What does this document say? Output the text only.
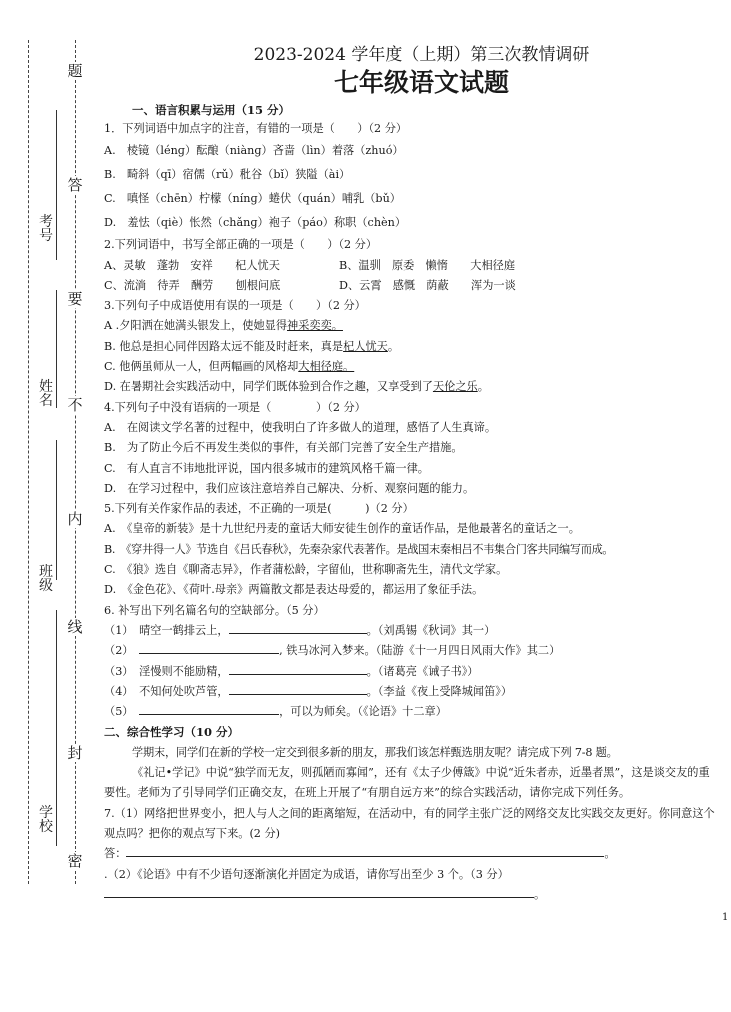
题
答
要
不
内
线
封
密
考号
姓名
班级
学校
2023-2024 学年度（上期）第三次教情调研
七年级语文试题
一、语言积累与运用（15 分）
1．下列词语中加点字的注音，有错的一项是（　　）（2 分）
A.　棱镜（lénɡ）酝酿（niànɡ）吝啬（lìn）着落（zhuó）
B.　畸斜（qī）宿儒（rǔ）秕谷（bǐ）狭隘（ài）
C.　嗔怪（chēn）柠檬（nínɡ）蜷伏（quán）哺乳（bǔ）
D.　羞怯（qiè）怅然（chǎnɡ）袍子（páo）称职（chèn）
2.下列词语中，书写全部正确的一项是（　　）（2 分）
A、灵敏　蓬勃　安祥　　杞人忧天	B、温驯　原委　懒惰　　大相径庭
C、流淌　待弄　酬劳　　刨根问底	D、云霄　感慨　荫蔽　　浑为一谈
3.下列句子中成语使用有误的一项是（　　）（2 分）
A .夕阳洒在她满头银发上，使她显得神采奕奕。
B. 他总是担心同伴因路太远不能及时赶来，真是杞人忧天。
C. 他俩虽师从一人，但两幅画的风格却大相径庭。
D. 在暑期社会实践活动中，同学们既体验到合作之趣，又享受到了天伦之乐。
4.下列句子中没有语病的一项是（　　　　）（2 分）
A.　在阅读文学名著的过程中，使我明白了许多做人的道理，感悟了人生真谛。
B.　为了防止今后不再发生类似的事件，有关部门完善了安全生产措施。
C.　有人直言不讳地批评说，国内很多城市的建筑风格千篇一律。
D.　在学习过程中，我们应该注意培养自己解决、分析、观察问题的能力。
5.下列有关作家作品的表述，不正确的一项是(　　　)（2 分）
A.　《皇帝的新装》是十九世纪丹麦的童话大师安徒生创作的童话作品，是他最著名的童话之一。
B.　《穿井得一人》节选自《吕氏春秋》，先秦杂家代表著作。是战国末秦相吕不韦集合门客共同编写而成。
C.　《狼》选自《聊斋志异》，作者蒲松龄，字留仙，世称聊斋先生，清代文学家。
D.　《金色花》、《荷叶.母亲》两篇散文都是表达母爱的，都运用了象征手法。
6. 补写出下列名篇名句的空缺部分。（5 分）
（1）　 晴空一鹤排云上，	。（刘禹锡《秋词》其一）
（2）　	, 铁马冰河入梦来。（陆游《十一月四日风雨大作》其二）
（3）　 淫慢则不能励精，	。（诸葛亮《诫子书》）
（4）　 不知何处吹芦管，	。（李益《夜上受降城闻笛》）
（5）　	，可以为师矣。（《论语》十二章）
二、综合性学习（10 分）
学期末，同学们在新的学校一定交到很多新的朋友，那我们该怎样甄选朋友呢？请完成下列 7-8 题。
《礼记•学记》中说“独学而无友，则孤陋而寡闻”，还有《太子少傅箴》中说“近朱者赤，近墨者黑”，这是谈交友的重要性。老师为了引导同学们正确交友，在班上开展了“有朋自远方来”的综合实践活动，请你完成下列任务。
7.（1）网络把世界变小，把人与人之间的距离缩短，在活动中，有的同学主张广泛的网络交友比实践交友更好。你同意这个观点吗？把你的观点写下来。(2 分)
答：	。
.（2）《论语》中有不少语句逐渐演化并固定为成语，请你写出至少 3 个。（3 分）
。
1
